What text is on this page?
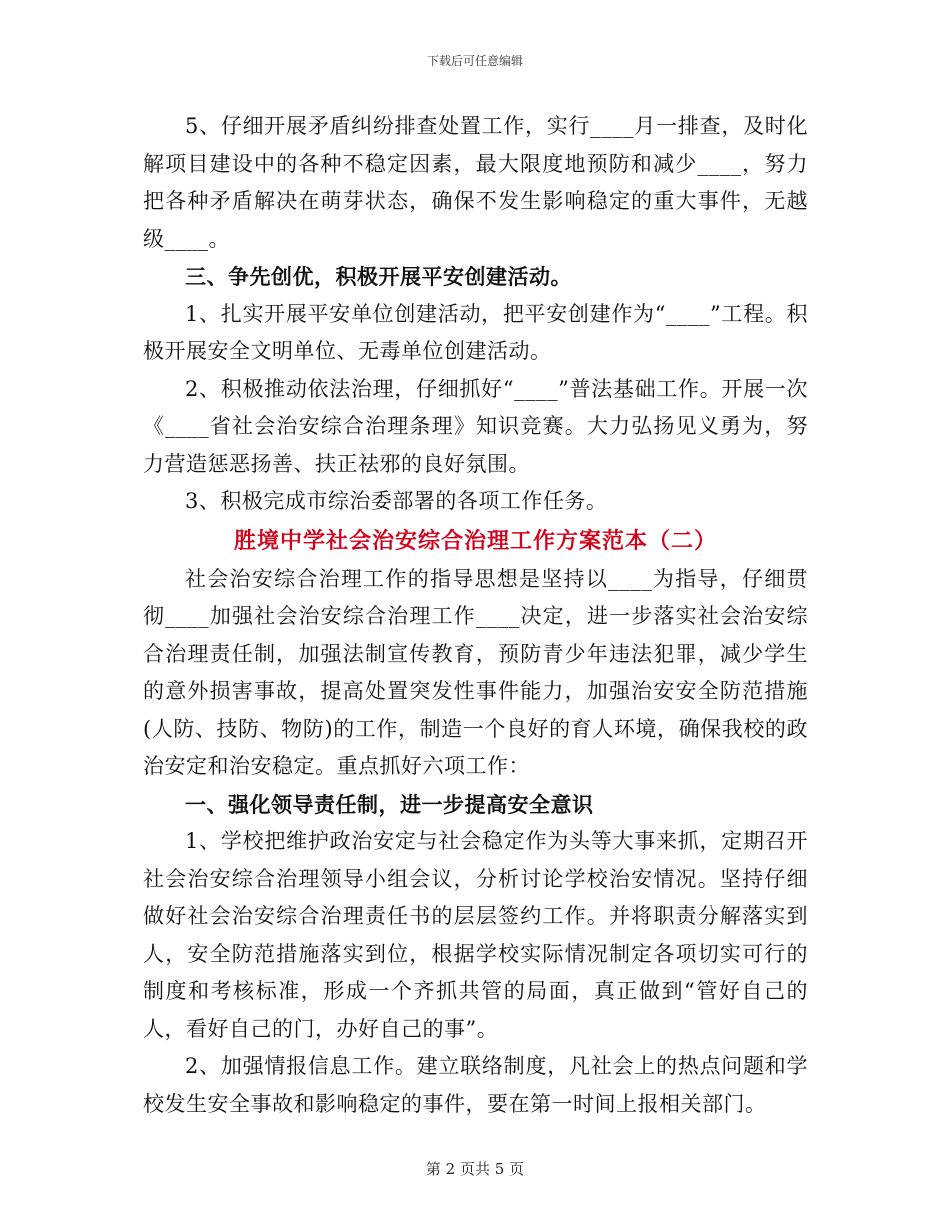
下载后可任意编辑

5、仔细开展矛盾纠纷排查处置工作，实行____月一排查，及时化解项目建设中的各种不稳定因素，最大限度地预防和减少____，努力把各种矛盾解决在萌芽状态，确保不发生影响稳定的重大事件，无越级____。

三、争先创优，积极开展平安创建活动。

1、扎实开展平安单位创建活动，把平安创建作为“____”工程。积极开展安全文明单位、无毒单位创建活动。

2、积极推动依法治理，仔细抓好“____”普法基础工作。开展一次《____省社会治安综合治理条理》知识竞赛。大力弘扬见义勇为，努力营造惩恶扬善、扶正祛邪的良好氛围。

3、积极完成市综治委部署的各项工作任务。

胜境中学社会治安综合治理工作方案范本（二）

社会治安综合治理工作的指导思想是坚持以____为指导，仔细贯彻____加强社会治安综合治理工作____决定，进一步落实社会治安综合治理责任制，加强法制宣传教育，预防青少年违法犯罪，减少学生的意外损害事故，提高处置突发性事件能力，加强治安安全防范措施(人防、技防、物防)的工作，制造一个良好的育人环境，确保我校的政治安定和治安稳定。重点抓好六项工作：

一、强化领导责任制，进一步提高安全意识

1、学校把维护政治安定与社会稳定作为头等大事来抓，定期召开社会治安综合治理领导小组会议，分析讨论学校治安情况。坚持仔细做好社会治安综合治理责任书的层层签约工作。并将职责分解落实到人，安全防范措施落实到位，根据学校实际情况制定各项切实可行的制度和考核标准，形成一个齐抓共管的局面，真正做到“管好自己的人，看好自己的门，办好自己的事”。

2、加强情报信息工作。建立联络制度，凡社会上的热点问题和学校发生安全事故和影响稳定的事件，要在第一时间上报相关部门。

第 2 页共 5 页
